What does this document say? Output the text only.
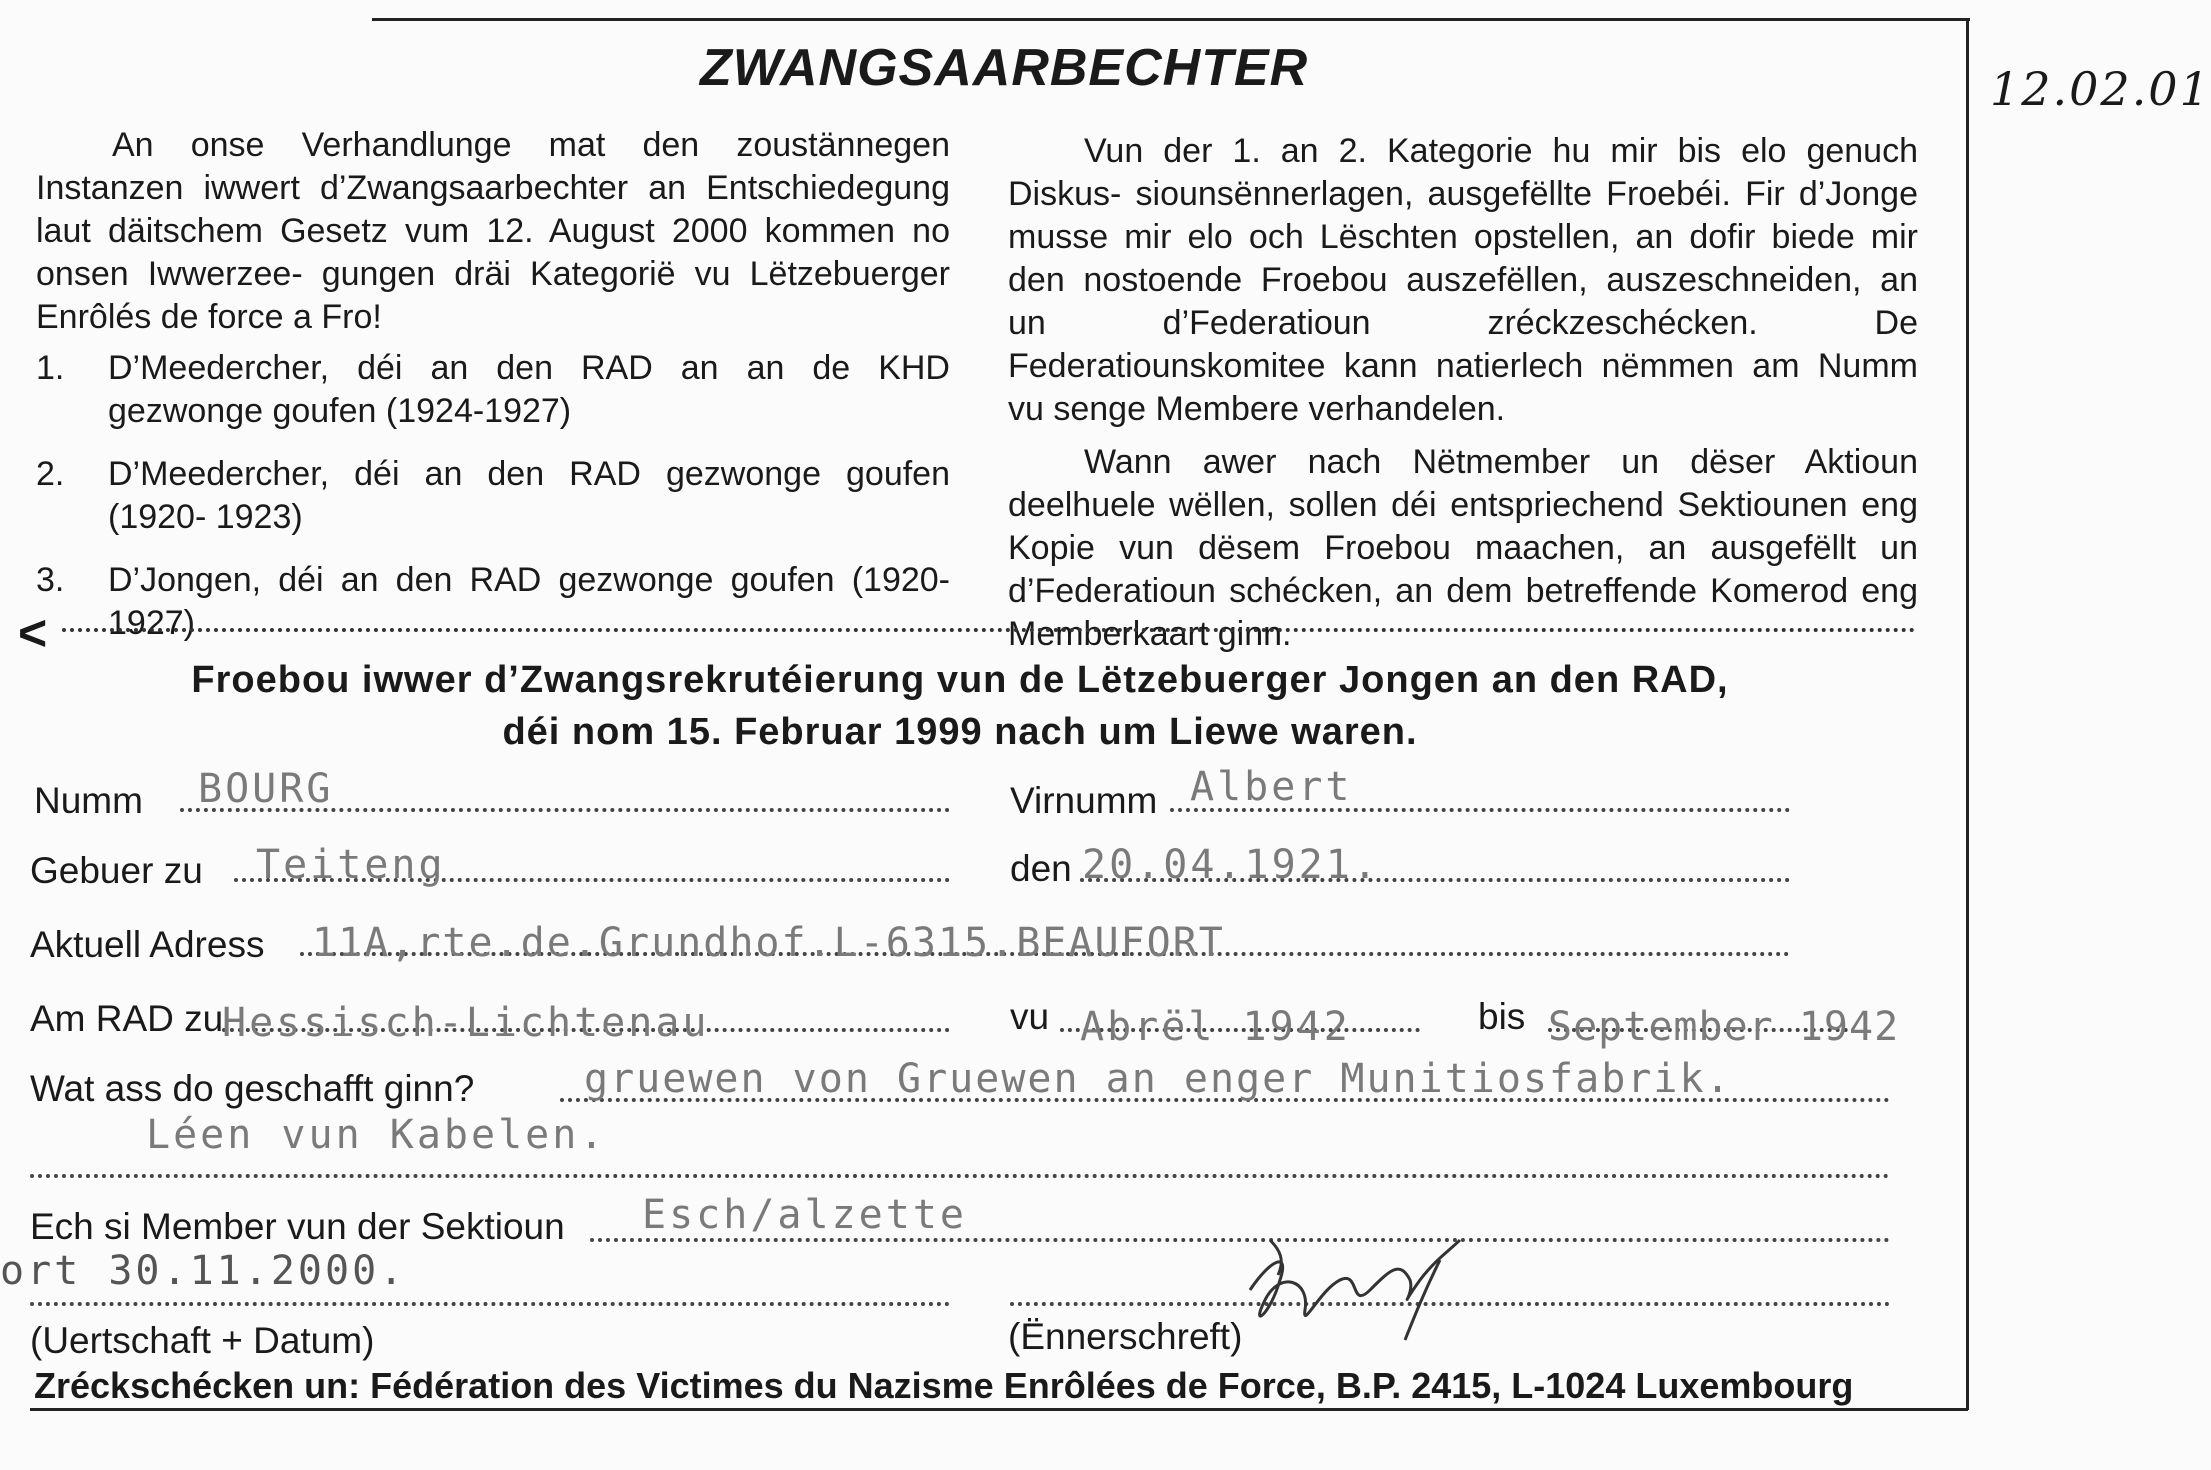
ZWANGSAARBECHTER	12.02.01

An onse Verhandlunge mat den zoustännegen Instanzen iwwert d’Zwangsaarbechter an Entschiedegung laut däitschem Gesetz vum 12. August 2000 kommen no onsen Iwwerzee- gungen dräi Kategorië vu Lëtzebuerger Enrôlés de force a Fro!

1.	D’Meedercher, déi an den RAD an an de KHD gezwonge goufen (1924-1927)
2.	D’Meedercher, déi an den RAD gezwonge goufen (1920- 1923)
3.	D’Jongen, déi an den RAD gezwonge goufen (1920- 1927)

Vun der 1. an 2. Kategorie hu mir bis elo genuch Diskus- siounsënnerlagen, ausgefëllte Froebéi. Fir d’Jonge musse mir elo och Lëschten opstellen, an dofir biede mir den nostoende Froebou auszefëllen, auszeschneiden, an un d’Federatioun zréckzeschécken. De Federatiounskomitee kann natierlech nëmmen am Numm vu senge Membere verhandelen.

Wann awer nach Nëtmember un dëser Aktioun deelhuele wëllen, sollen déi entspriechend Sektiounen eng Kopie vun dësem Froebou maachen, an ausgefëllt un d’Federatioun schécken, an dem betreffende Komerod eng Memberkaart ginn.

<
Froebou iwwer d’Zwangsrekrutéierung vun de Lëtzebuerger Jongen an den RAD,
déi nom 15. Februar 1999 nach um Liewe waren.
Numm BOURG	Virnumm Albert
Gebuer zu Teiteng	den 20.04.1921.
Aktuell Adress 11A,rte.de.Grundhof.L-6315.BEAUFORT
Am RAD zu
Hessisch-Lichtenau	vu Abrël 1942	bis September 1942
Wat ass do geschafft ginn?	gruewen von Gruewen an enger Munitiosfabrik.
Léen vun Kabelen.
Ech si Member vun der Sektioun Esch/alzette
ort 30.11.2000.
(Uertschaft + Datum)	(Ënnerschreft)
Zréckschécken un: Fédération des Victimes du Nazisme Enrôlées de Force, B.P. 2415, L-1024 Luxembourg
